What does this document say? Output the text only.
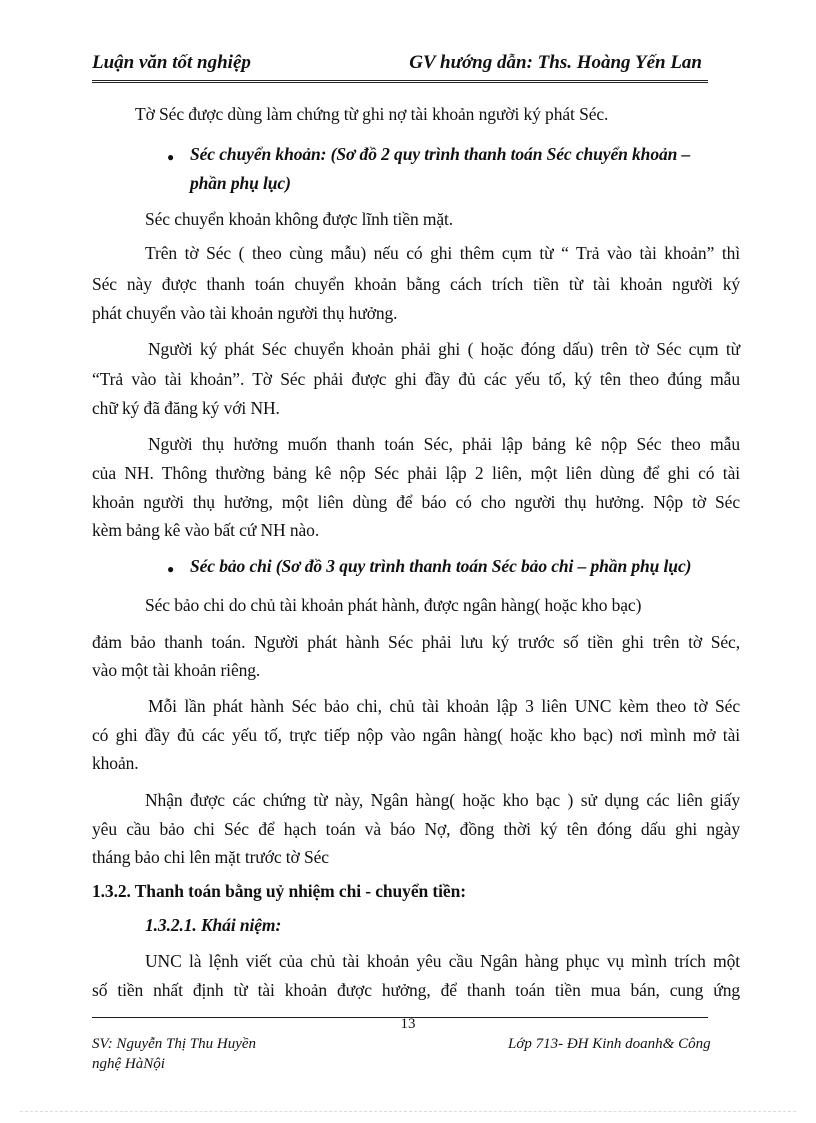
Luận văn tốt nghiệp	GV hướng dẫn: Ths. Hoàng Yến Lan
Tờ Séc được dùng làm chứng từ ghi nợ tài khoản người ký phát Séc.
● Séc chuyển khoản: (Sơ đồ 2 quy trình thanh toán Séc chuyển khoản –
phần phụ lục)
Séc chuyển khoản không được lĩnh tiền mặt.
Trên tờ Séc ( theo cùng mẫu) nếu có ghi thêm cụm từ “ Trả vào tài khoản” thì
Séc này được thanh toán chuyển khoản bằng cách trích tiền từ tài khoản người ký
phát chuyển vào tài khoản người thụ hưởng.
Người ký phát Séc chuyển khoản phải ghi ( hoặc đóng dấu) trên tờ Séc cụm từ
“Trả vào tài khoản”. Tờ Séc phải được ghi đầy đủ các yếu tố, ký tên theo đúng mẫu
chữ ký đã đăng ký với NH.
Người thụ hưởng muốn thanh toán Séc, phải lập bảng kê nộp Séc theo mẫu
của NH. Thông thường bảng kê nộp Séc phải lập 2 liên, một liên dùng để ghi có tài
khoản người thụ hưởng, một liên dùng để báo có cho người thụ hưởng. Nộp tờ Séc
kèm bảng kê vào bất cứ NH nào.
● Séc bảo chi (Sơ đồ 3 quy trình thanh toán Séc bảo chi – phần phụ lục)
Séc bảo chi do chủ tài khoản phát hành, được ngân hàng( hoặc kho bạc)
đảm bảo thanh toán. Người phát hành Séc phải lưu ký trước số tiền ghi trên tờ Séc,
vào một tài khoản riêng.
Mỗi lần phát hành Séc bảo chi, chủ tài khoản lập 3 liên UNC kèm theo tờ Séc
có ghi đầy đủ các yếu tố, trực tiếp nộp vào ngân hàng( hoặc kho bạc) nơi mình mở tài
khoản.
Nhận được các chứng từ này, Ngân hàng( hoặc kho bạc ) sử dụng các liên giấy
yêu cầu bảo chi Séc để hạch toán và báo Nợ, đồng thời ký tên đóng dấu ghi ngày
tháng bảo chi lên mặt trước tờ Séc
1.3.2. Thanh toán bằng uỷ nhiệm chi - chuyển tiền:
1.3.2.1. Khái niệm:
UNC là lệnh viết của chủ tài khoản yêu cầu Ngân hàng phục vụ mình trích một
số tiền nhất định từ tài khoản được hưởng, để thanh toán tiền mua bán, cung ứng
13
SV: Nguyễn Thị Thu Huyền	Lớp 713- ĐH Kinh doanh& Công
nghệ HàNội
